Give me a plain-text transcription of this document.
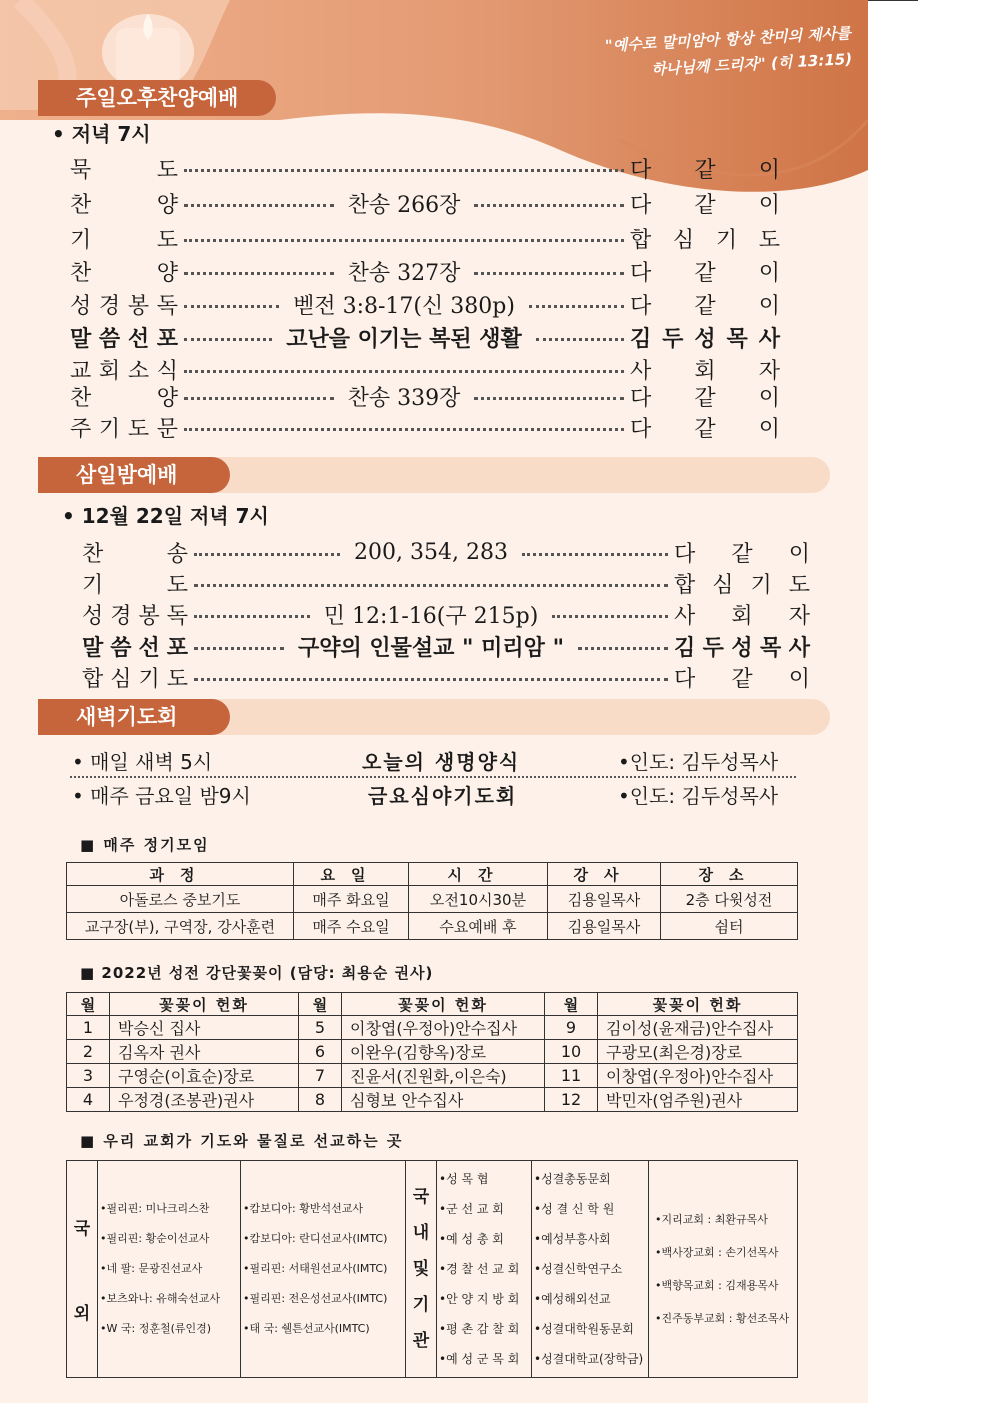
"예수로 말미암아 항상 찬미의 제사를
하나님께 드리자" (히 13:15)
주일오후찬양예배
• 저녁 7시
묵	도	다 같 이
찬	양	찬송 266장	다 같 이
기	도	합 심 기 도
찬	양	찬송 327장	다 같 이
성 경 봉 독	벧전 3:8-17(신 380p)	다 같 이
말 씀 선 포	고난을 이기는 복된 생활	김 두 성 목 사
교 회 소 식	사 회 자
찬	양	찬송 339장	다 같 이
주 기 도 문	다 같 이
삼일밤예배
• 12월 22일 저녁 7시
찬	송	200, 354, 283	다 같 이
기	도	합 심 기 도
성 경 봉 독	민 12:1-16(구 215p)	사 회 자
말 씀 선 포	구약의 인물설교 " 미리암 "	김 두 성 목 사
합 심 기 도	다 같 이
새벽기도회
• 매일 새벽 5시	오늘의 생명양식	•인도: 김두성목사
• 매주 금요일 밤9시	금요심야기도회	•인도: 김두성목사
■ 매주 정기모임
과정	요일	시간	강사	장소
아돌로스 중보기도	매주 화요일	오전10시30분	김용일목사	2층 다윗성전
교구장(부), 구역장, 강사훈련	매주 수요일	수요예배 후	김용일목사	쉼터
■ 2022년 성전 강단꽃꽂이 (담당: 최용순 권사)
월	꽃꽂이 헌화	월	꽃꽂이 헌화	월	꽃꽂이 헌화
1	박승신 집사	5	이창엽(우정아)안수집사	9	김이성(윤재금)안수집사
2	김옥자 권사	6	이완우(김향옥)장로	10	구광모(최은경)장로
3	구영순(이효순)장로	7	진윤서(진원화,이은숙)	11	이창엽(우정아)안수집사
4	우정경(조봉관)권사	8	심형보 안수집사	12	박민자(엄주원)권사
■ 우리 교회가 기도와 물질로 선교하는 곳
국
외

•필리핀: 미나크리스찬
•필리핀: 황순이선교사
•네 팔: 문광진선교사
•보츠와나: 유해숙선교사
•W 국: 정훈철(류인경)

•캄보디아: 황반석선교사
•캄보디아: 란디선교사(IMTC)
•필리핀: 서태원선교사(IMTC)
•필리핀: 전은성선교사(IMTC)
•태 국: 쉘튼선교사(IMTC)

국
내
및
기
관

•성 목 협
•군 선 교 회
•예 성 총 회
•경 찰 선 교 회
•안 양 지 방 회
•평 촌 감 찰 회
•예 성 군 목 회

•성결총동문회
•성 결 신 학 원
•예성부흥사회
•성결신학연구소
•예성해외선교
•성결대학원동문회
•성결대학교(장학금)

•지리교회 : 최환규목사
•백사장교회 : 손기선목사
•백향목교회 : 김재용목사
•진주동부교회 : 황선조목사
